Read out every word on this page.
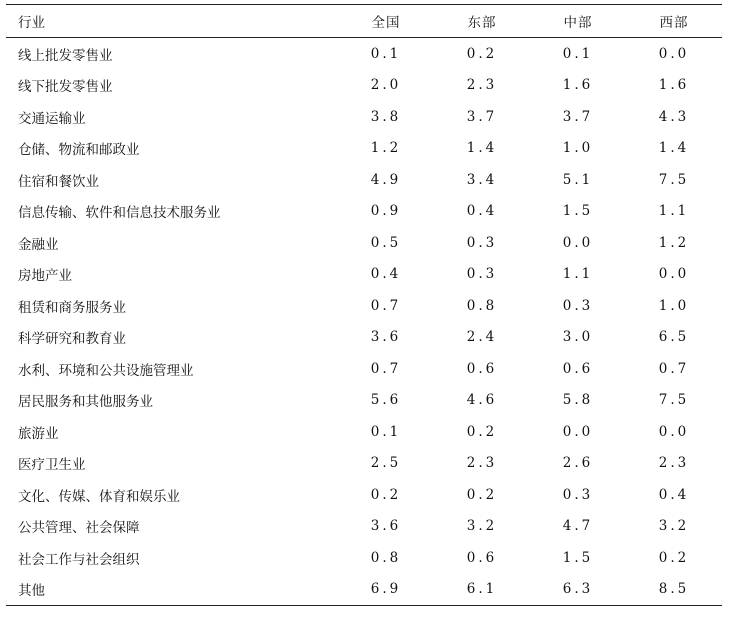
行业	全国	东部	中部	西部
线上批发零售业	0.1	0.2	0.1	0.0
线下批发零售业	2.0	2.3	1.6	1.6
交通运输业	3.8	3.7	3.7	4.3
仓储、物流和邮政业	1.2	1.4	1.0	1.4
住宿和餐饮业	4.9	3.4	5.1	7.5
信息传输、软件和信息技术服务业	0.9	0.4	1.5	1.1
金融业	0.5	0.3	0.0	1.2
房地产业	0.4	0.3	1.1	0.0
租赁和商务服务业	0.7	0.8	0.3	1.0
科学研究和教育业	3.6	2.4	3.0	6.5
水利、环境和公共设施管理业	0.7	0.6	0.6	0.7
居民服务和其他服务业	5.6	4.6	5.8	7.5
旅游业	0.1	0.2	0.0	0.0
医疗卫生业	2.5	2.3	2.6	2.3
文化、传媒、体育和娱乐业	0.2	0.2	0.3	0.4
公共管理、社会保障	3.6	3.2	4.7	3.2
社会工作与社会组织	0.8	0.6	1.5	0.2
其他	6.9	6.1	6.3	8.5
